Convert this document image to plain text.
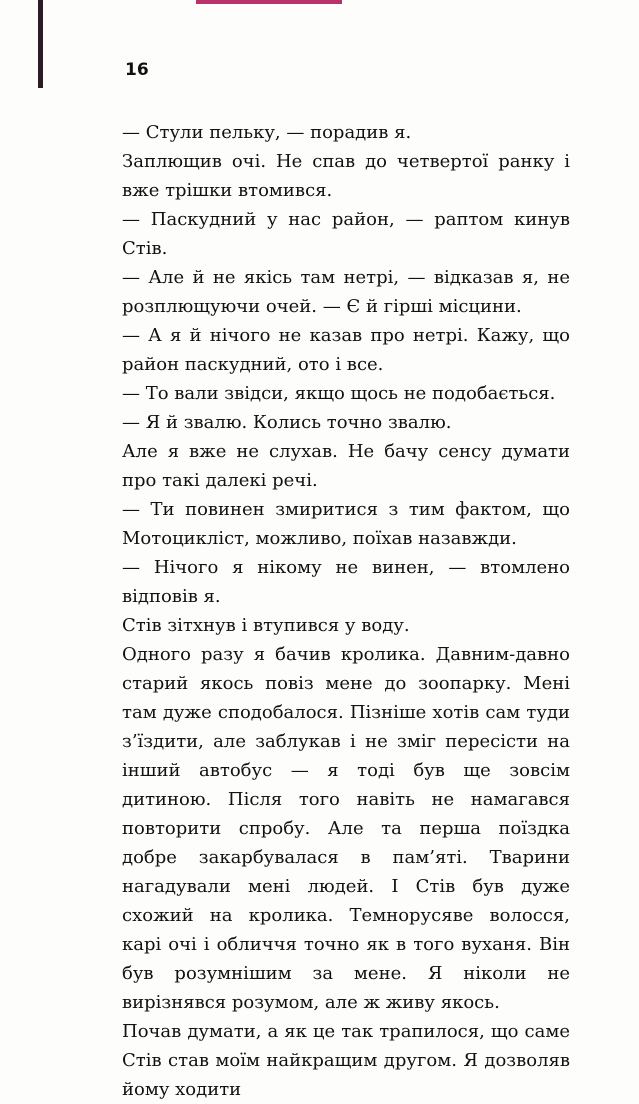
16

— Стули пельку, — порадив я.

Заплющив очі. Не спав до четвертої ранку і вже трішки втомився.

— Паскудний у нас район, — раптом кинув Стів.

— Але й не якісь там нетрі, — відказав я, не розплющуючи очей. — Є й гірші місцини.

— А я й нічого не казав про нетрі. Кажу, що район паскудний, ото і все.

— То вали звідси, якщо щось не подобається.

— Я й звалю. Колись точно звалю.

Але я вже не слухав. Не бачу сенсу думати про такі далекі речі.

— Ти повинен змиритися з тим фактом, що Мотоцикліст, можливо, поїхав назавжди.

— Нічого я нікому не винен, — втомлено відповів я.

Стів зітхнув і втупився у воду.

Одного разу я бачив кролика. Давним-давно старий якось повіз мене до зоопарку. Мені там дуже сподобалося. Пізніше хотів сам туди з’їздити, але заблукав і не зміг пересісти на інший автобус — я тоді був ще зовсім дитиною. Після того навіть не намагався повторити спробу. Але та перша поїздка добре закарбувалася в пам’яті. Тварини нагадували мені людей. І Стів був дуже схожий на кролика. Темнорусяве волосся, карі очі і обличчя точно як в того вуханя. Він був розумнішим за мене. Я ніколи не вирізнявся розумом, але ж живу якось.

Почав думати, а як це так трапилося, що саме Стів став моїм найкращим другом. Я дозволяв йому ходити
